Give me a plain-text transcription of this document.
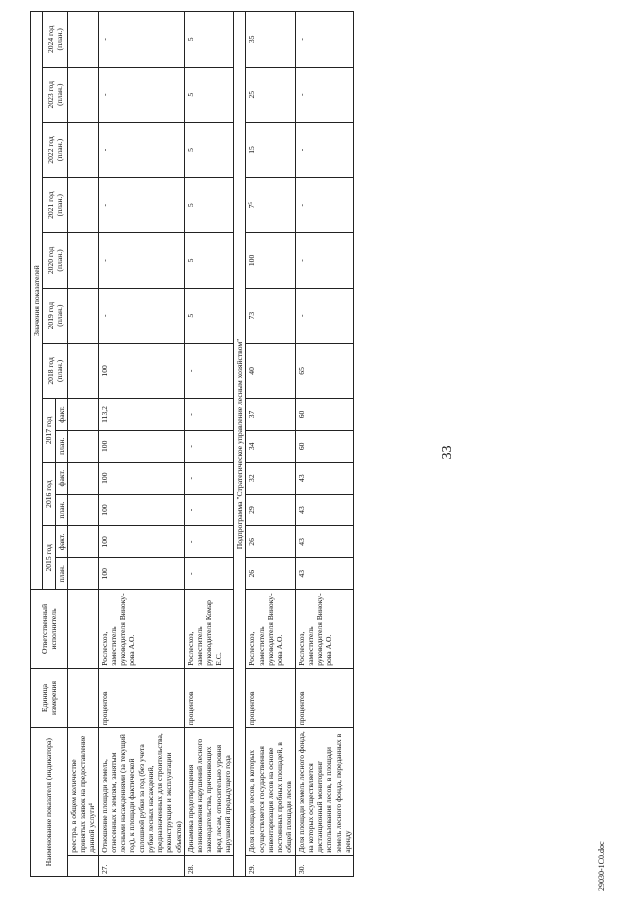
33
Наименование показателя (индикатора)		Единица измерения	Ответственный исполнитель	Значения показателей												
				2015 год		2016 год		2017 год		2018 год (план.)	2019 год (план.)	2020 год (план.)	2021 год (план.)	2022 год (план.)	2023 год (план.)	2024 год (план.)
				план.	факт.	план.	факт.	план.	факт.							
	реестра, в общем количестве принятых заявок на предоставление данной услуги⁴															
27.	Отношение площади земель, отнесенных к землям, занятым лесными насаждениями (за текущий год), к площади фактической сплошной рубки за год (без учета рубки лесных насаждений, предназначенных для строительства, реконструкции и эксплуатации объектов)	процентов	Рослесхоз, заместитель руководителя Виноку-рова А.О.	100	100	100	100	100	113,2	100	-	-	-	-	-	-
28.	Динамика предотвращения возникновения нарушений лесного законодательства, причиняющих вред лесам, относительно уровня нарушений предыдущего года	процентов	Рослесхоз, заместитель руководителя Комар Е.С.	-	-	-	-	-	-	-	5	5	5	5	5	5
Подпрограмма "Стратегическое управление лесным хозяйством"																
29.	Доля площади лесов, в которых осуществляется государственная инвентаризация лесов на основе постоянных пробных площадей, в общей площади лесов	процентов	Рослесхоз, заместитель руководителя Виноку-рова А.О.	26	26	29	32	34	37	40	73	100	7⁵	15	25	35
30.	Доля площади земель лесного фонда, на которых осуществляется дистанционный мониторинг использования лесов, в площади земель лесного фонда, переданных в аренду	процентов	Рослесхоз, заместитель руководителя Виноку-рова А.О.	43	43	43	43	60	60	65	-	-	-	-	-	-
29030-1С0.doc
